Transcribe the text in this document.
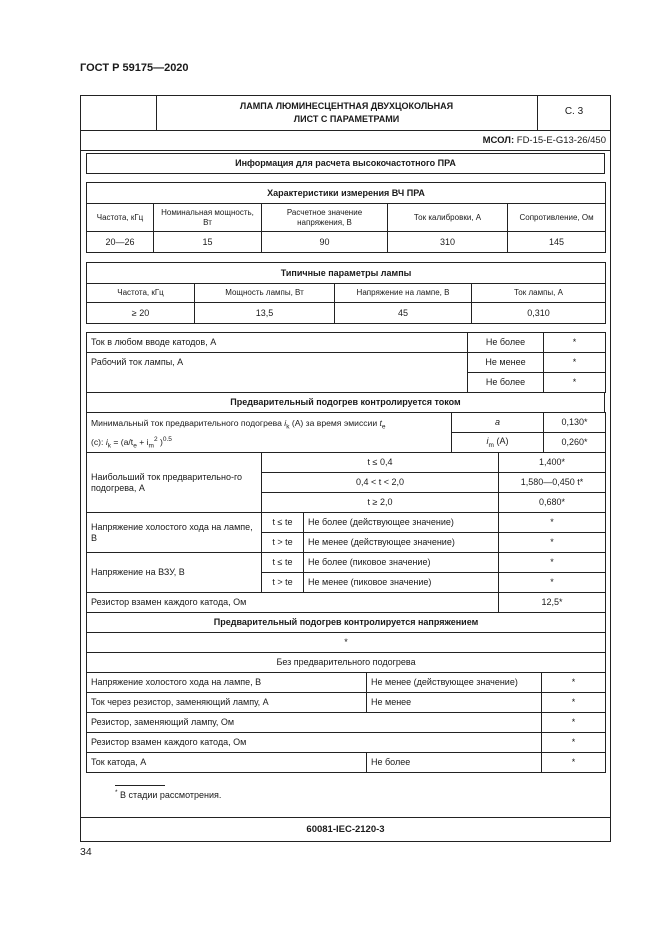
ГОСТ Р 59175—2020
ЛАМПА ЛЮМИНЕСЦЕНТНАЯ ДВУХЦОКОЛЬНАЯ
ЛИСТ С ПАРАМЕТРАМИ
С. 3
МСОЛ: FD-15-E-G13-26/450
Информация для расчета высокочастотного ПРА
Характеристики измерения ВЧ ПРА				
Частота, кГц	Номинальная мощность, Вт	Расчетное значение напряжения, В	Ток калибровки, А	Сопротивление, Ом
20—26	15	90	310	145
Типичные параметры лампы			
Частота, кГц	Мощность лампы, Вт	Напряжение на лампе, В	Ток лампы, А
≥ 20	13,5	45	0,310
Ток в любом вводе катодов, А	Не более	*
Рабочий ток лампы, А	Не менее	*
	Не более	*
Предварительный подогрев контролируется током
Минимальный ток предварительного подогрева $i_k$ (А) за время эмиссии $t_e$
(с): $i_k = (a/t_e + i_m^2$ )$^{0.5}$	a	0,130*
	$i_m$ (A)	0,260*
Наибольший ток предварительно-го подогрева, А	t ≤ 0,4		1,400*
	0,4 < t < 2,0		1,580—0,450 t*
	t ≥ 2,0		0,680*
Напряжение холостого хода на лампе, В	t ≤ te	Не более (действующее значение)	*
	t > te	Не менее (действующее значение)	*
Напряжение на ВЗУ, В	t ≤ te	Не более (пиковое значение)	*
	t > te	Не менее (пиковое значение)	*
Резистор взамен каждого катода, Ом			12,5*
Предварительный подогрев контролируется напряжением		
*		
Без предварительного подогрева		
Напряжение холостого хода на лампе, В	Не менее (действующее значение)	*
Ток через резистор, заменяющий лампу, А	Не менее	*
Резистор, заменяющий лампу, Ом		*
Резистор взамен каждого катода, Ом		*
Ток катода, А	Не более	*
* В стадии рассмотрения.
60081-IEC-2120-3
34
